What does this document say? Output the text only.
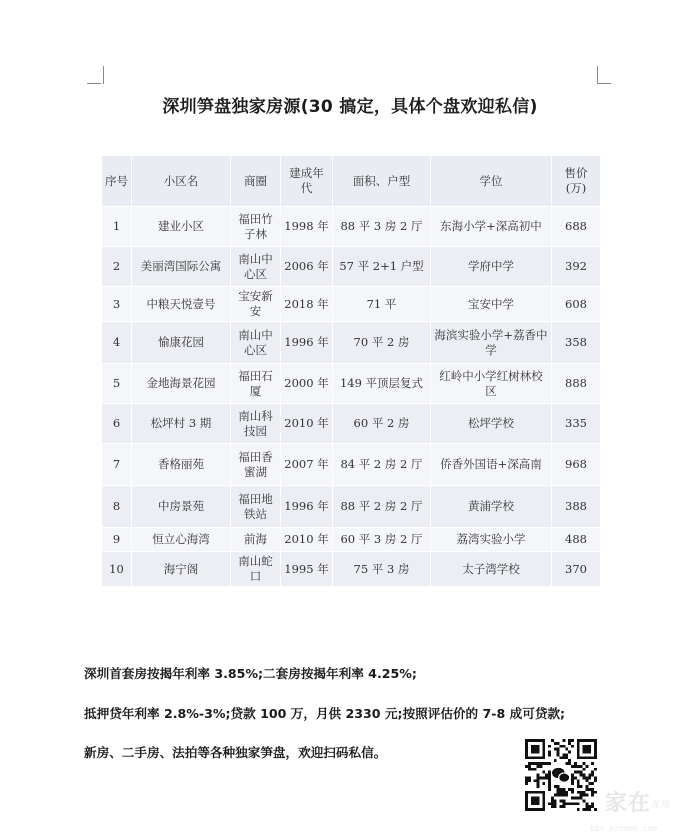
深圳笋盘独家房源(30 搞定，具体个盘欢迎私信)
序号	小区名	商圈	建成年代	面积、户型	学位	售价(万)
1	建业小区	福田竹子林	1998 年	88 平 3 房 2 厅	东海小学+深高初中	688
2	美丽湾国际公寓	南山中心区	2006 年	57 平 2+1 户型	学府中学	392
3	中粮天悦壹号	宝安新安	2018 年	71 平	宝安中学	608
4	愉康花园	南山中心区	1996 年	70 平 2 房	海滨实验小学+荔香中学	358
5	金地海景花园	福田石厦	2000 年	149 平顶层复式	红岭中小学红树林校区	888
6	松坪村 3 期	南山科技园	2010 年	60 平 2 房	松坪学校	335
7	香格丽苑	福田香蜜湖	2007 年	84 平 2 房 2 厅	侨香外国语+深高南	968
8	中房景苑	福田地铁站	1996 年	88 平 2 房 2 厅	黄浦学校	388
9	恒立心海湾	前海	2010 年	60 平 3 房 2 厅	荔湾实验小学	488
10	海宁阁	南山蛇口	1995 年	75 平 3 房	太子湾学校	370
深圳首套房按揭年利率 3.85%;二套房按揭年利率 4.25%;
抵押贷年利率 2.8%-3%;贷款 100 万，月供 2330 元;按照评估价的 7-8 成可贷款;
新房、二手房、法拍等各种独家笋盘，欢迎扫码私信。
家在深圳
bbs.szhome.com
